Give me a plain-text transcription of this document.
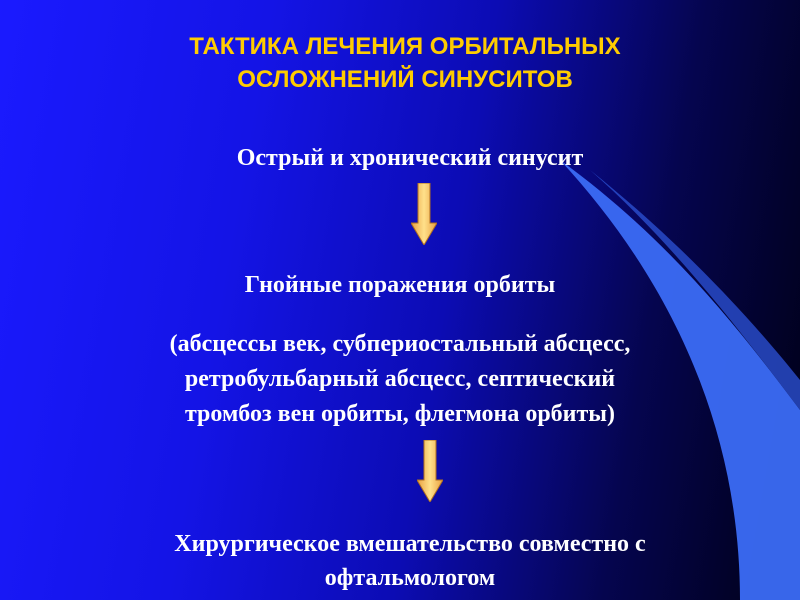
ТАКТИКА ЛЕЧЕНИЯ ОРБИТАЛЬНЫХ
ОСЛОЖНЕНИЙ СИНУСИТОВ
Острый и хронический синусит
Гнойные поражения орбиты
(абсцессы век, субпериостальный абсцесс,
ретробульбарный абсцесс, септический
тромбоз вен орбиты, флегмона орбиты)
Хирургическое вмешательство совместно с
офтальмологом
